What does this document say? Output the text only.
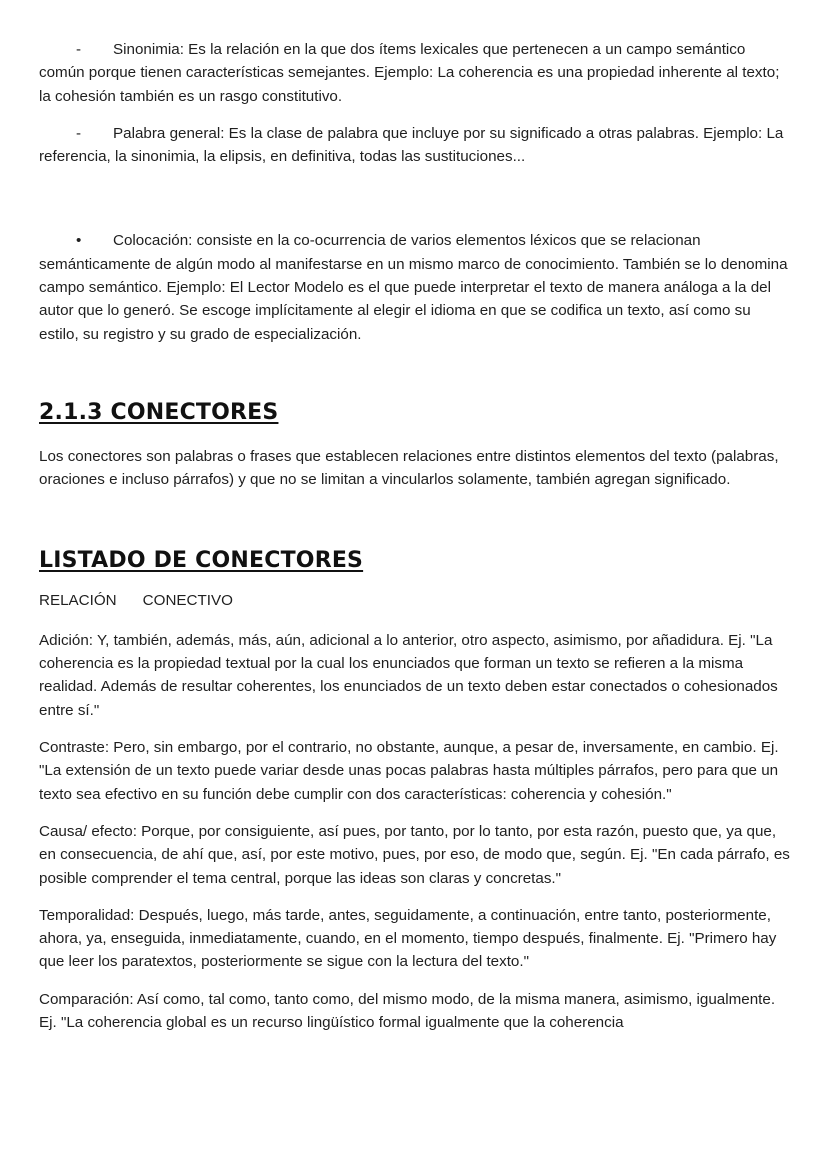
- Sinonimia: Es la relación en la que dos ítems lexicales que pertenecen a un campo semántico común porque tienen características semejantes. Ejemplo: La coherencia es una propiedad inherente al texto; la cohesión también es un rasgo constitutivo.

- Palabra general: Es la clase de palabra que incluye por su significado a otras palabras. Ejemplo: La referencia, la sinonimia, la elipsis, en definitiva, todas las sustituciones...

• Colocación: consiste en la co-ocurrencia de varios elementos léxicos que se relacionan semánticamente de algún modo al manifestarse en un mismo marco de conocimiento. También se lo denomina campo semántico. Ejemplo: El Lector Modelo es el que puede interpretar el texto de manera análoga a la del autor que lo generó. Se escoge implícitamente al elegir el idioma en que se codifica un texto, así como su estilo, su registro y su grado de especialización.

2.1.3 CONECTORES

Los conectores son palabras o frases que establecen relaciones entre distintos elementos del texto (palabras, oraciones e incluso párrafos) y que no se limitan a vincularlos solamente, también agregan significado.

LISTADO DE CONECTORES

RELACIÓN CONECTIVO

Adición: Y, también, además, más, aún, adicional a lo anterior, otro aspecto, asimismo, por añadidura. Ej. "La coherencia es la propiedad textual por la cual los enunciados que forman un texto se refieren a la misma realidad. Además de resultar coherentes, los enunciados de un texto deben estar conectados o cohesionados entre sí."

Contraste: Pero, sin embargo, por el contrario, no obstante, aunque, a pesar de, inversamente, en cambio. Ej. "La extensión de un texto puede variar desde unas pocas palabras hasta múltiples párrafos, pero para que un texto sea efectivo en su función debe cumplir con dos características: coherencia y cohesión."

Causa/ efecto: Porque, por consiguiente, así pues, por tanto, por lo tanto, por esta razón, puesto que, ya que, en consecuencia, de ahí que, así, por este motivo, pues, por eso, de modo que, según. Ej. "En cada párrafo, es posible comprender el tema central, porque las ideas son claras y concretas."

Temporalidad: Después, luego, más tarde, antes, seguidamente, a continuación, entre tanto, posteriormente, ahora, ya, enseguida, inmediatamente, cuando, en el momento, tiempo después, finalmente. Ej. "Primero hay que leer los paratextos, posteriormente se sigue con la lectura del texto."

Comparación: Así como, tal como, tanto como, del mismo modo, de la misma manera, asimismo, igualmente. Ej. "La coherencia global es un recurso lingüístico formal igualmente que la coherencia
